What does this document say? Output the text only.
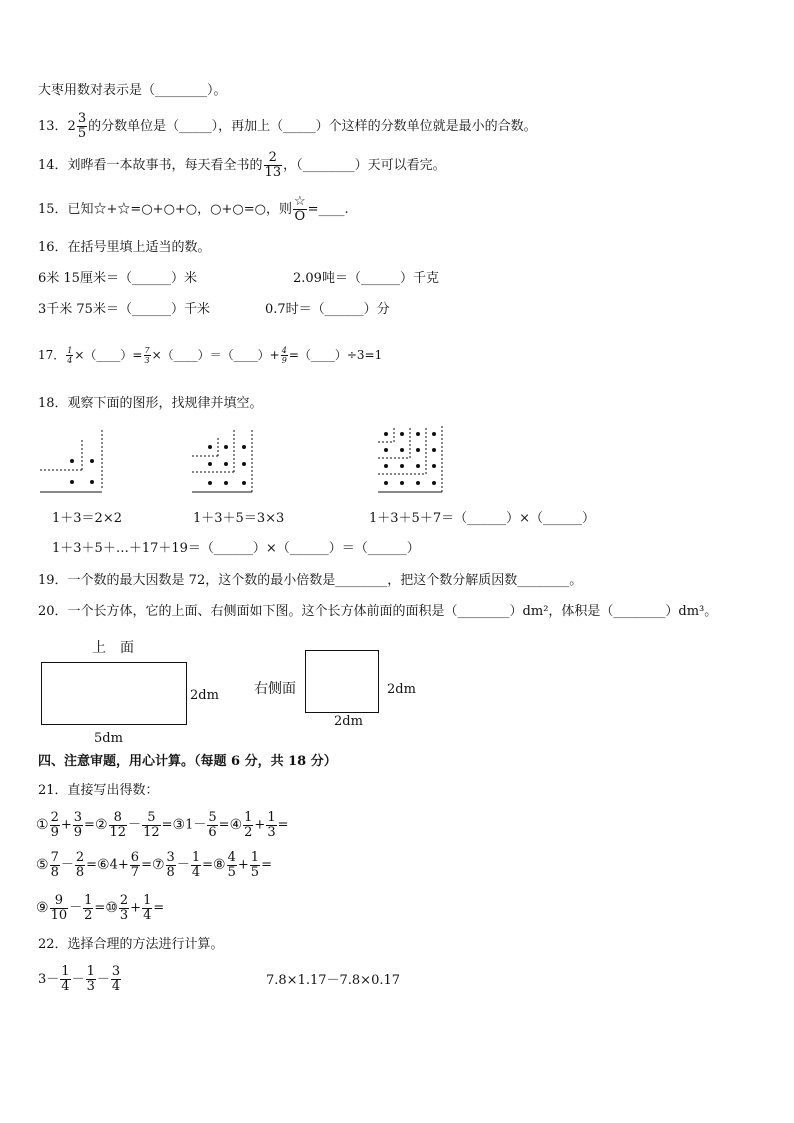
大枣用数对表示是（________）。
13．$2 \frac{3}{5}$ 的分数单位是（_____），再加上（_____）个这样的分数单位就是最小的合数。
14．刘晔看一本故事书，每天看全书的 $\frac{2}{13}$ ，（________）天可以看完。
15．已知☆+☆=○+○+○，○+○=○，则 $\frac{☆}{O}$ =____.
16．在括号里填上适当的数。
6米 15厘米＝（______）米	2.09吨＝（______）千克
3千米 75米＝（______）千米	0.7时＝（______）分
17． $\frac{1}{4}$ ×（____）= $\frac{7}{3}$ ×（____）＝（____）+ $\frac{4}{9}$ =（____）÷3=1
18．观察下面的图形，找规律并填空。
1＋3＝2×2	1＋3＋5＝3×3	1＋3＋5＋7＝（______）×（______）
1＋3＋5＋…＋17＋19＝（______）×（______）＝（______）
19．一个数的最大因数是 72，这个数的最小倍数是________，把这个数分解质因数________。
20．一个长方体，它的上面、右侧面如下图。这个长方体前面的面积是（________）dm²，体积是（________）dm³。
上　面
2dm
5dm
右侧面	2dm
2dm
四、注意审题，用心计算。（每题 6 分，共 18 分）
21．直接写出得数：
① $\frac{2}{9} + \frac{3}{9}$ =② $\frac{8}{12} - \frac{5}{12}$ =③1－ $\frac{5}{6}$ =④ $\frac{1}{2} + \frac{1}{3}$ =
⑤ $\frac{7}{8} - \frac{2}{8}$ =⑥4+ $\frac{6}{7}$ =⑦ $\frac{3}{8} - \frac{1}{4}$ =⑧ $\frac{4}{5} + \frac{1}{5}$ =
⑨ $\frac{9}{10} - \frac{1}{2}$ =⑩ $\frac{2}{3} + \frac{1}{4}$ =
22．选择合理的方法进行计算。
$3- \frac{1}{4} - \frac{1}{3} - \frac{3}{4}$	7.8×1.17－7.8×0.17
